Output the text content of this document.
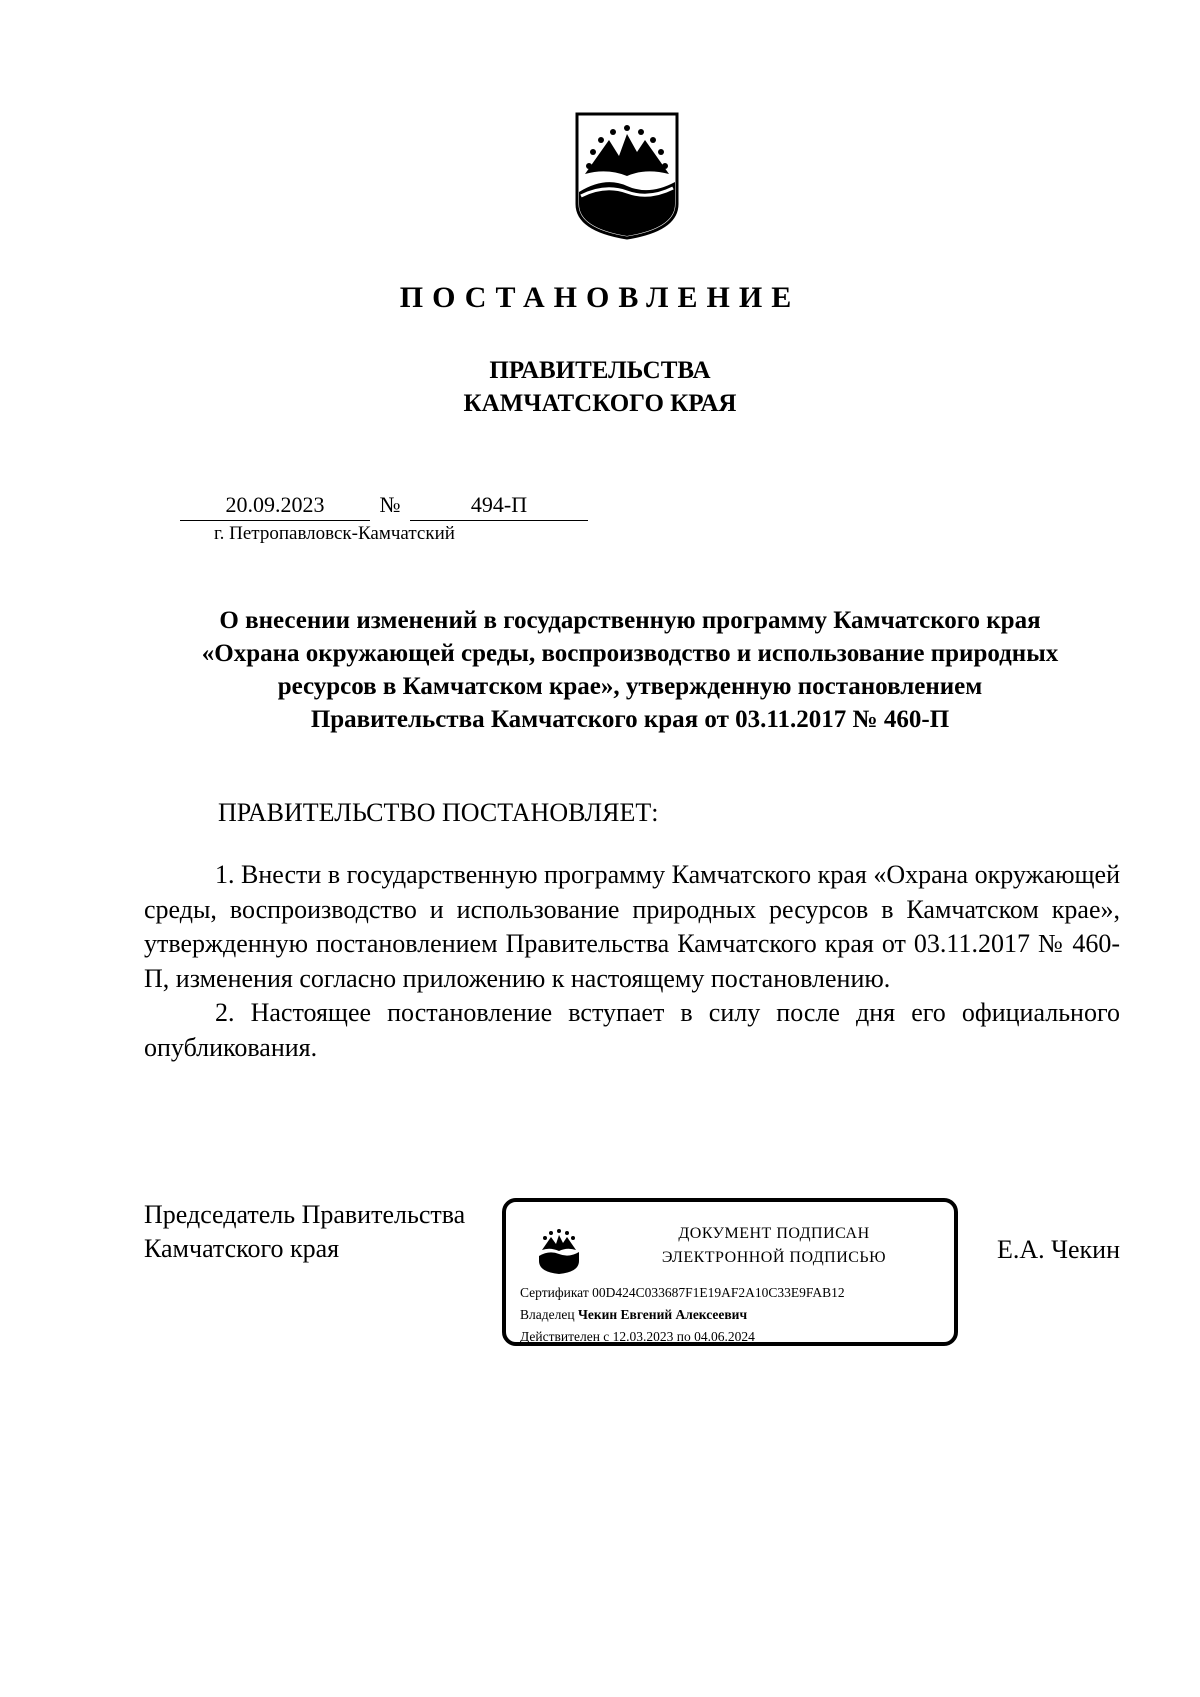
ПОСТАНОВЛЕНИЕ
ПРАВИТЕЛЬСТВА
КАМЧАТСКОГО КРАЯ
20.09.2023	№	494-П
г. Петропавловск-Камчатский
О внесении изменений в государственную программу Камчатского края
«Охрана окружающей среды, воспроизводство и использование природных
ресурсов в Камчатском крае», утвержденную постановлением
Правительства Камчатского края от 03.11.2017 № 460-П
ПРАВИТЕЛЬСТВО ПОСТАНОВЛЯЕТ:

1. Внести в государственную программу Камчатского края «Охрана окружающей среды, воспроизводство и использование природных ресурсов в Камчатском крае», утвержденную постановлением Правительства Камчатского края от 03.11.2017 № 460-П, изменения согласно приложению к настоящему постановлению.

2. Настоящее постановление вступает в силу после дня его официального опубликования.

Председатель Правительства
Камчатского края
ДОКУМЕНТ ПОДПИСАН
ЭЛЕКТРОННОЙ ПОДПИСЬЮ
Сертификат 00D424C033687F1E19AF2A10C33E9FAB12
Владелец Чекин Евгений Алексеевич
Действителен с 12.03.2023 по 04.06.2024
Е.А. Чекин
